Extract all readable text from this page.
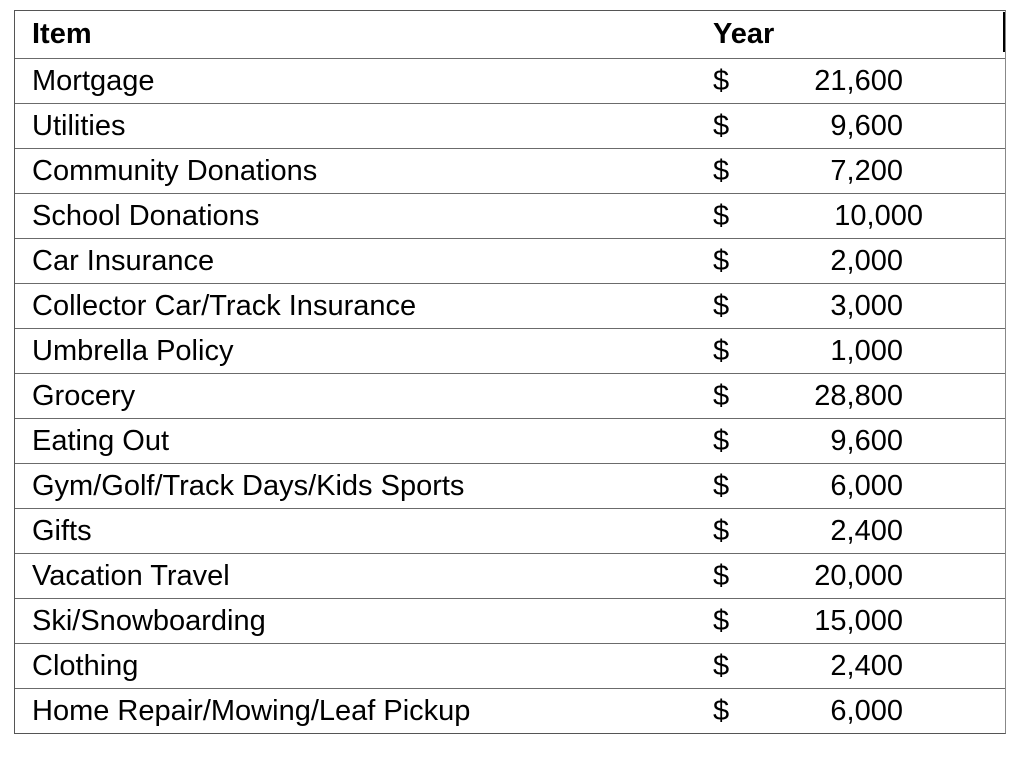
Item	Year
Mortgage	$	21,600
Utilities	$	9,600
Community Donations	$	7,200
School Donations	$	10,000
Car Insurance	$	2,000
Collector Car/Track Insurance	$	3,000
Umbrella Policy	$	1,000
Grocery	$	28,800
Eating Out	$	9,600
Gym/Golf/Track Days/Kids Sports	$	6,000
Gifts	$	2,400
Vacation Travel	$	20,000
Ski/Snowboarding	$	15,000
Clothing	$	2,400
Home Repair/Mowing/Leaf Pickup	$	6,000
